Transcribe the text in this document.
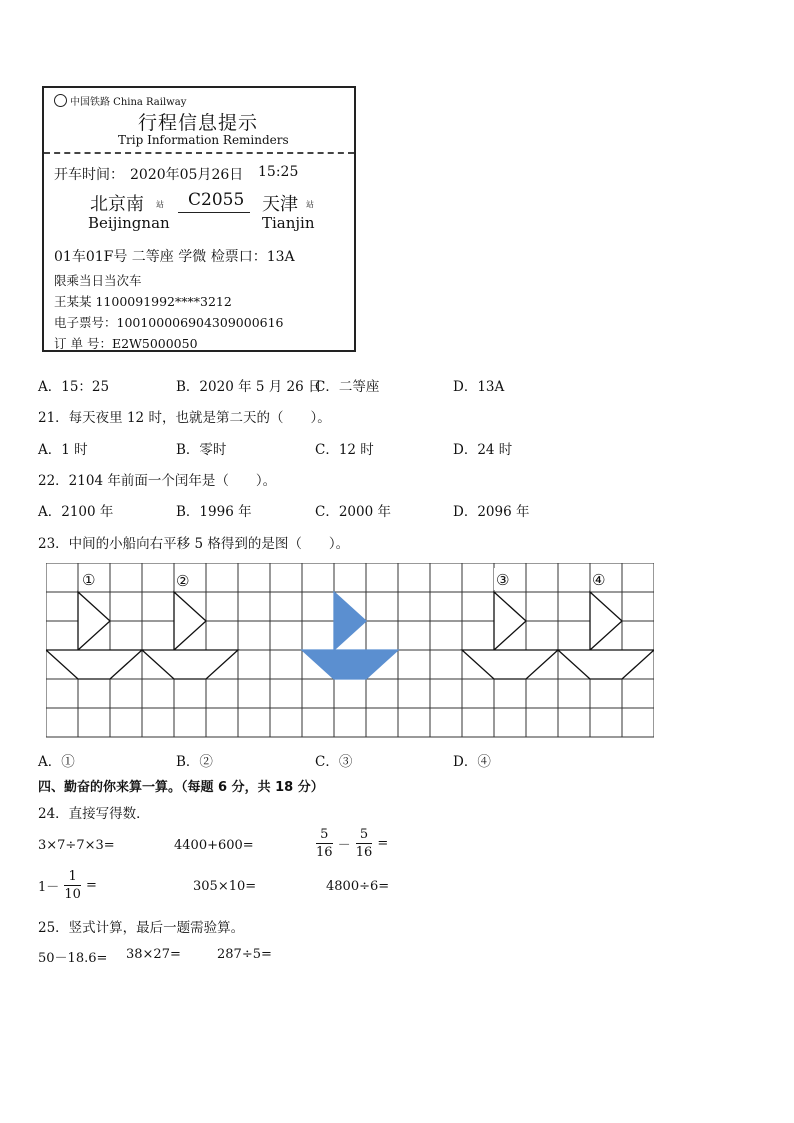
中国铁路 China Railway
行程信息提示
Trip Information Reminders
开车时间： 2020年05月26日 15:25
北京南 站
Beijingnan
C2055 天津 站
Tianjin
01车01F号 二等座 学微 检票口：13A
限乘当日当次车
王某某 1100091992****3212
电子票号：10010000690430900061​6
订 单 号：E2W5000050
A．15：25	B．2020 年 5 月 26 日
C．二等座	D．13A
21．每天夜里 12 时，也就是第二天的（　　）。
A．1 时	B．零时	C．12 时	D．24 时
22．2104 年前面一个闰年是（　　）。
A．2100 年	B．1996 年	C．2000 年	D．2096 年
23．中间的小船向右平移 5 格得到的是图（　　）。
①	②	③	④
A．①	B．②	C．③	D．④
四、勤奋的你来算一算。（每题 6 分，共 18 分）
24．直接写得数．
3×7÷7×3=	4400+600=	$\frac{5}{16} - \frac{5}{16}$ =
$1- \frac{1}{10}$ =	305×10=	4800÷6=
25．竖式计算，最后一题需验算。
50－18.6= 38×27=	287÷5=
